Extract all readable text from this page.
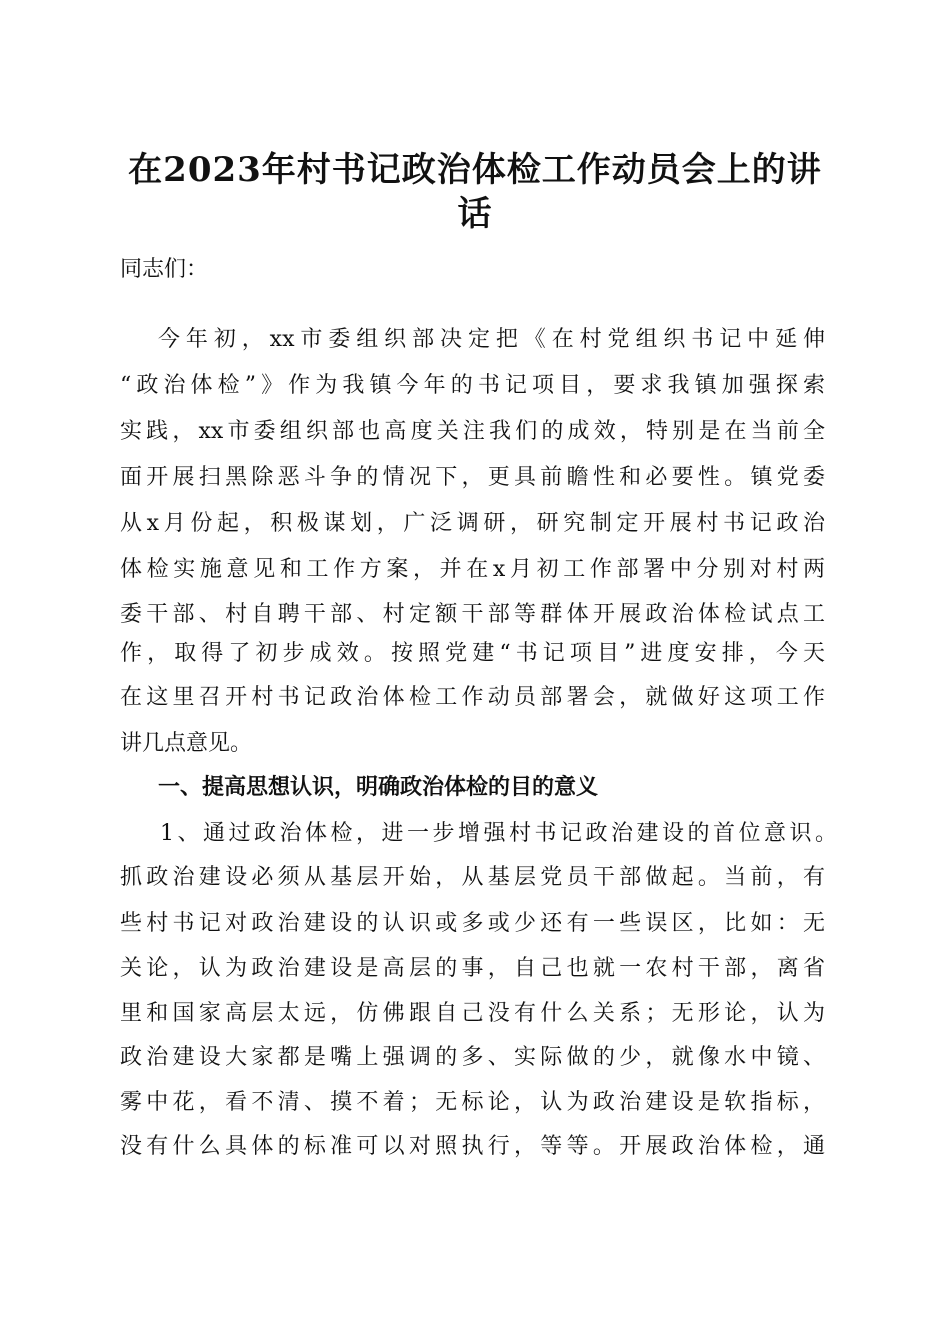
在2023年村书记政治体检工作动员会上的讲
话
同志们：
今年初，xx市委组织部决定把《在村党组织书记中延伸
“政治体检”》作为我镇今年的书记项目，要求我镇加强探索
实践，xx市委组织部也高度关注我们的成效，特别是在当前全
面开展扫黑除恶斗争的情况下，更具前瞻性和必要性。镇党委
从x月份起，积极谋划，广泛调研，研究制定开展村书记政治
体检实施意见和工作方案，并在x月初工作部署中分别对村两
委干部、村自聘干部、村定额干部等群体开展政治体检试点工
作，取得了初步成效。按照党建“书记项目”进度安排，今天
在这里召开村书记政治体检工作动员部署会，就做好这项工作
讲几点意见。
一、提高思想认识，明确政治体检的目的意义
1、通过政治体检，进一步增强村书记政治建设的首位意识。
抓政治建设必须从基层开始，从基层党员干部做起。当前，有
些村书记对政治建设的认识或多或少还有一些误区，比如：无
关论，认为政治建设是高层的事，自己也就一农村干部，离省
里和国家高层太远，仿佛跟自己没有什么关系；无形论，认为
政治建设大家都是嘴上强调的多、实际做的少，就像水中镜、
雾中花，看不清、摸不着；无标论，认为政治建设是软指标，
没有什么具体的标准可以对照执行，等等。开展政治体检，通
